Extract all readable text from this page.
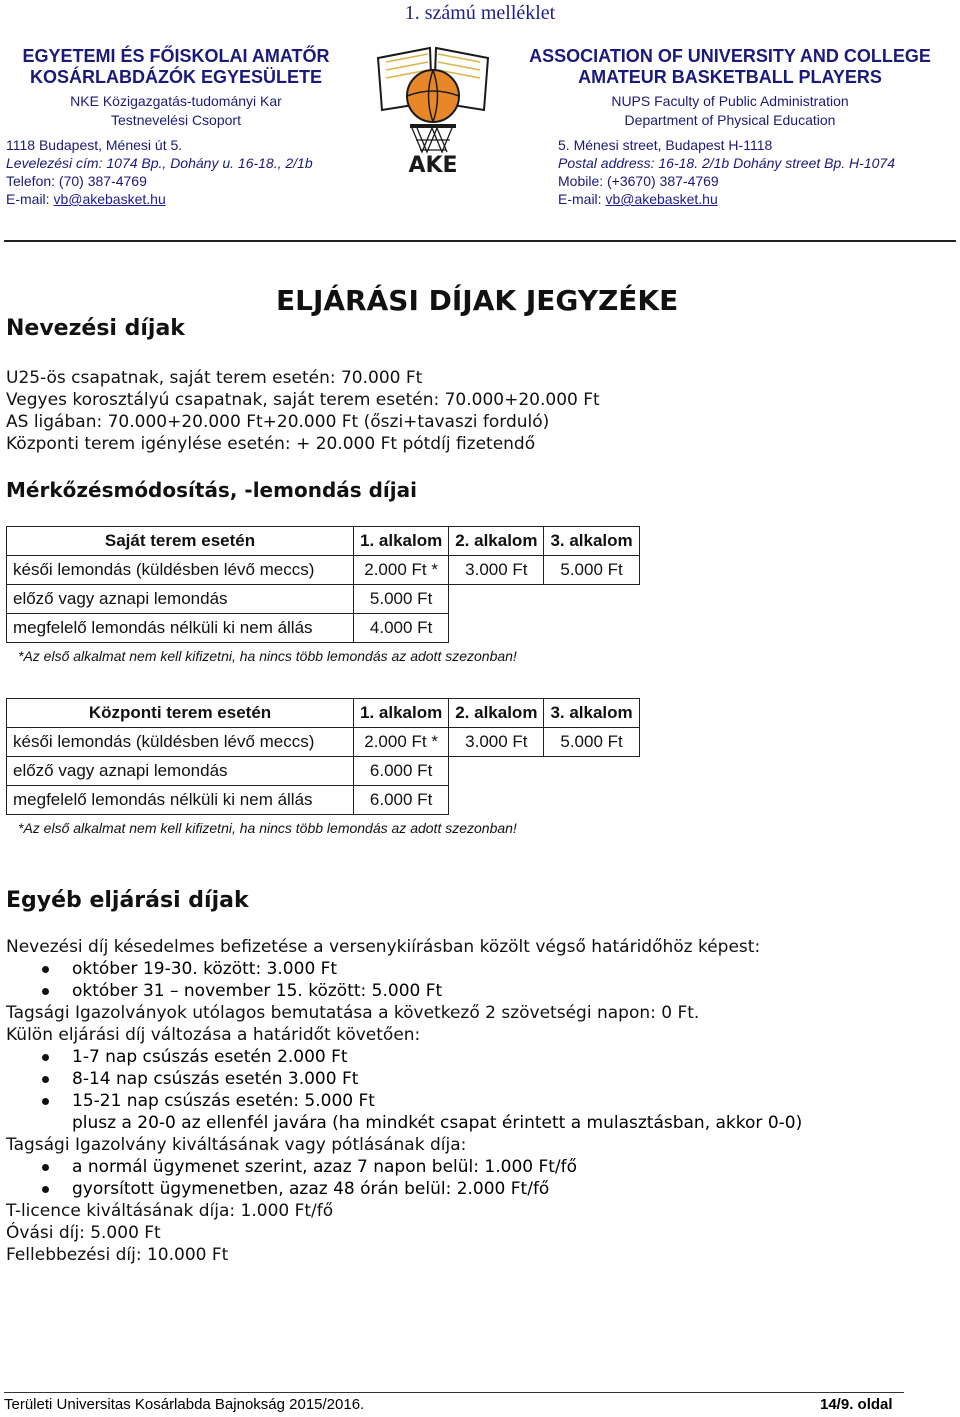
1. számú melléklet
EGYETEMI ÉS FŐISKOLAI AMATŐR
KOSÁRLABDÁZÓK EGYESÜLETE
NKE Közigazgatás-tudományi Kar
Testnevelési Csoport
1118 Budapest, Ménesi út 5.
Levelezési cím: 1074 Bp., Dohány u. 16-18., 2/1b
Telefon: (70) 387-4769
E-mail: vb@akebasket.hu
AKE
ASSOCIATION OF UNIVERSITY AND COLLEGE
AMATEUR BASKETBALL PLAYERS
NUPS Faculty of Public Administration
Department of Physical Education
5. Ménesi street, Budapest H-1118
Postal address: 16-18. 2/1b Dohány street Bp. H-1074
Mobile: (+3670) 387-4769
E-mail: vb@akebasket.hu
ELJÁRÁSI DÍJAK JEGYZÉKE
Nevezési díjak
U25-ös csapatnak, saját terem esetén: 70.000 Ft
Vegyes korosztályú csapatnak, saját terem esetén: 70.000+20.000 Ft
AS ligában: 70.000+20.000 Ft+20.000 Ft (őszi+tavaszi forduló)
Központi terem igénylése esetén: + 20.000 Ft pótdíj fizetendő
Mérkőzésmódosítás, -lemondás díjai
Saját terem esetén	1. alkalom	2. alkalom	3. alkalom
késői lemondás (küldésben lévő meccs)	2.000 Ft *	3.000 Ft	5.000 Ft
előző vagy aznapi lemondás	5.000 Ft		
megfelelő lemondás nélküli ki nem állás	4.000 Ft		
*Az első alkalmat nem kell kifizetni, ha nincs több lemondás az adott szezonban!
Központi terem esetén	1. alkalom	2. alkalom	3. alkalom
késői lemondás (küldésben lévő meccs)	2.000 Ft *	3.000 Ft	5.000 Ft
előző vagy aznapi lemondás	6.000 Ft		
megfelelő lemondás nélküli ki nem állás	6.000 Ft		
*Az első alkalmat nem kell kifizetni, ha nincs több lemondás az adott szezonban!
Egyéb eljárási díjak
Nevezési díj késedelmes befizetése a versenykiírásban közölt végső határidőhöz képest:
október 19-30. között: 3.000 Ft
október 31 – november 15. között: 5.000 Ft
Tagsági Igazolványok utólagos bemutatása a következő 2 szövetségi napon: 0 Ft.
Külön eljárási díj változása a határidőt követően:
1-7 nap csúszás esetén 2.000 Ft
8-14 nap csúszás esetén 3.000 Ft
15-21 nap csúszás esetén: 5.000 Ft
plusz a 20-0 az ellenfél javára (ha mindkét csapat érintett a mulasztásban, akkor 0-0)
Tagsági Igazolvány kiváltásának vagy pótlásának díja:
a normál ügymenet szerint, azaz 7 napon belül: 1.000 Ft/fő
gyorsított ügymenetben, azaz 48 órán belül: 2.000 Ft/fő
T-licence kiváltásának díja: 1.000 Ft/fő
Óvási díj: 5.000 Ft
Fellebbezési díj: 10.000 Ft
Területi Universitas Kosárlabda Bajnokság 2015/2016.	14/9. oldal
